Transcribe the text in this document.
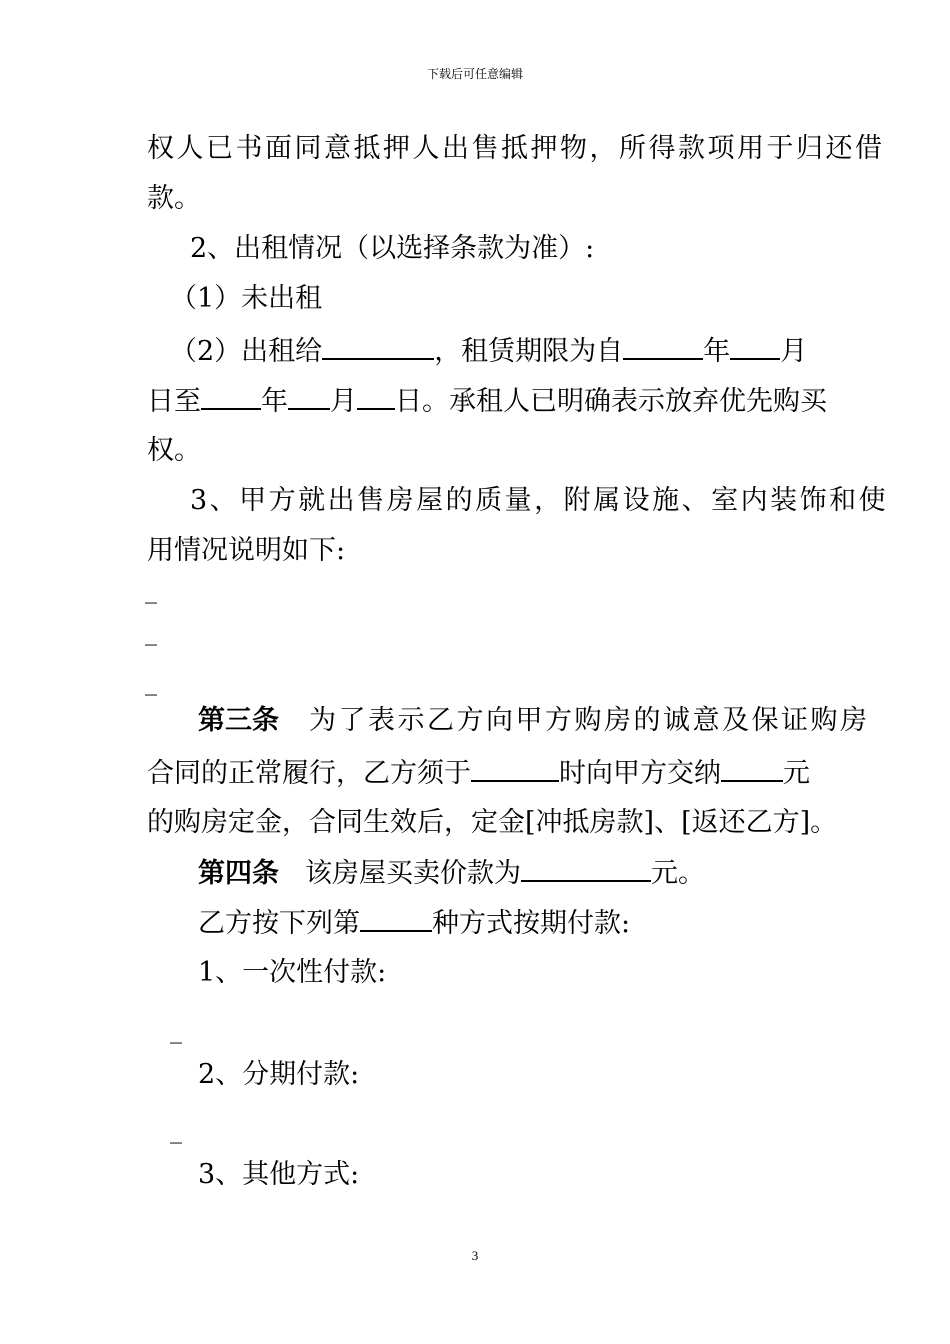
下载后可任意编辑
权人已书面同意抵押人出售抵押物，所得款项用于归还借
款。
2、出租情况（以选择条款为准）:
（1）未出租
（2）出租给	，租赁期限为自	年 月
日至 年 月 日。承租人已明确表示放弃优先购买
权。
3、甲方就出售房屋的质量，附属设施、室内装饰和使
用情况说明如下:
_
_
_
第三条 为了表示乙方向甲方购房的诚意及保证购房
合同的正常履行，乙方须于	时向甲方交纳 元
的购房定金，合同生效后，定金[冲抵房款]、[返还乙方]。
第四条 该房屋买卖价款为	元。
乙方按下列第	种方式按期付款:
1、一次性付款:
_
2、分期付款:
_
3、其他方式:
3
